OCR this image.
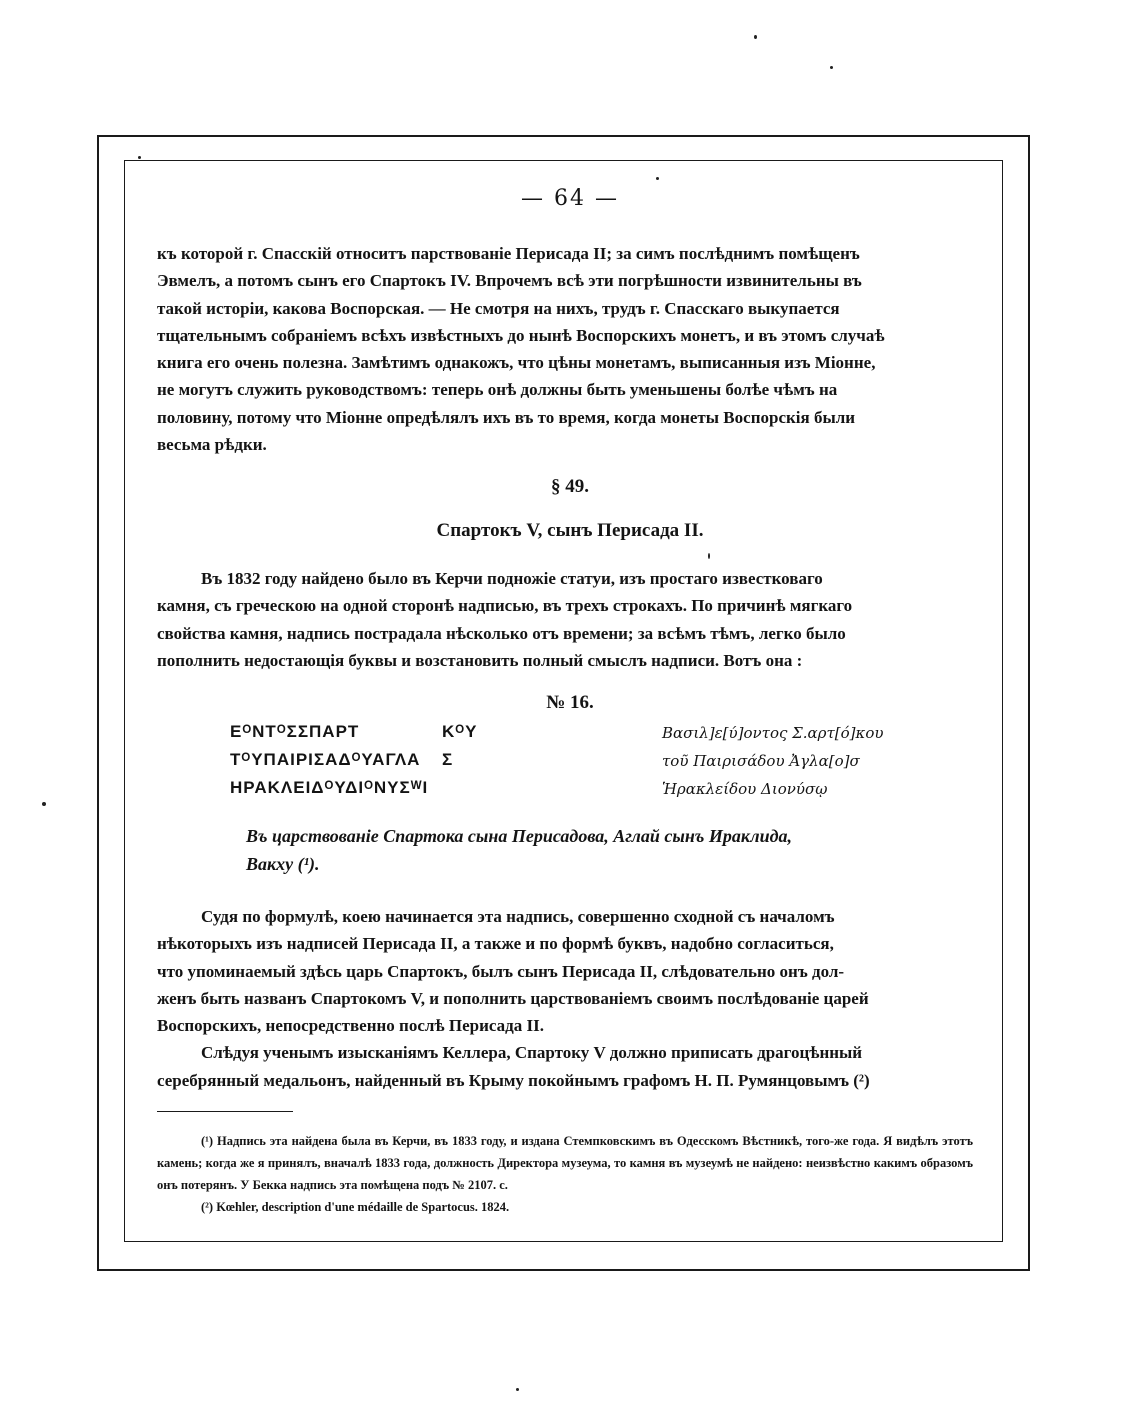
— 64 —

къ которой г. Спасскій относитъ парствованіе Перисада II; за симъ послѣднимъ помѣщенъ

Эвмелъ, а потомъ сынъ его Спартокъ IV. Впрочемъ всѣ эти погрѣшности извинительны въ

такой исторіи, какова Воспорская. — Не смотря на нихъ, трудъ г. Спасскаго выкупается

тщательнымъ собраніемъ всѣхъ извѣстныхъ до нынѣ Воспорскихъ монетъ, и въ этомъ случаѣ

книга его очень полезна. Замѣтимъ однакожъ, что цѣны монетамъ, выписанныя изъ Міонне,

не могутъ служить руководствомъ: теперь онѣ должны быть уменьшены болѣе чѣмъ на

половину, потому что Міонне опредѣлялъ ихъ въ то время, когда монеты Воспорскія были

весьма рѣдки.

§ 49.
Спартокъ V, сынъ Перисада II.

Въ 1832 году найдено было въ Керчи подножіе статуи, изъ простаго известковаго

камня, съ греческою на одной сторонѣ надписью, въ трехъ строкахъ. По причинѣ мягкаго

свойства камня, надпись пострадала нѣсколько отъ времени; за всѣмъ тѣмъ, легко было

пополнить недостающія буквы и возстановить полный смыслъ надписи. Вотъ она :

№ 16.
EᴼNTᴼΣΣΠΑΡΤ	KᴼΥ
TᴼΥΠΑΙΡΙΣΑΔᴼΥΑΓΛΑ Σ
HΡΑΚΛΕΙΔᴼΥΔΙᴼΝΥΣᵂΙ
Βασιλ]ε[ύ]οντος Σ.αρτ[ό]κου
τοῦ Παιρισάδου Ἀγλα[ο]σ
Ἡρακλείδου Διονύσῳ

Въ царствованіе Спартока сына Перисадова, Аглай сынъ Ираклида,

Вакху (¹).

Судя по формулѣ, коею начинается эта надпись, совершенно сходной съ началомъ

нѣкоторыхъ изъ надписей Перисада II, а также и по формѣ буквъ, надобно согласиться,

что упоминаемый здѣсь царь Спартокъ, былъ сынъ Перисада II, слѣдовательно онъ дол-

женъ быть названъ Спартокомъ V, и пополнить царствованіемъ своимъ послѣдованіе царей

Воспорскихъ, непосредственно послѣ Перисада II.

Слѣдуя ученымъ изысканіямъ Келлера, Спартоку V должно приписать драгоцѣнный

серебрянный медальонъ, найденный въ Крыму покойнымъ графомъ Н. П. Румянцовымъ (²)

(¹) Надпись эта найдена была въ Керчи, въ 1833 году, и издана Стемпковскимъ въ Одесскомъ Вѣстникѣ, того-же года. Я видѣлъ этотъ камень; когда же я принялъ, вначалѣ 1833 года, должность Директора музеума, то камня въ музеумѣ не найдено: неизвѣстно какимъ образомъ онъ потерянъ. У Бекка надпись эта помѣщена подъ № 2107. c.

(²) Kœhler, description d'une médaille de Spartocus. 1824.
